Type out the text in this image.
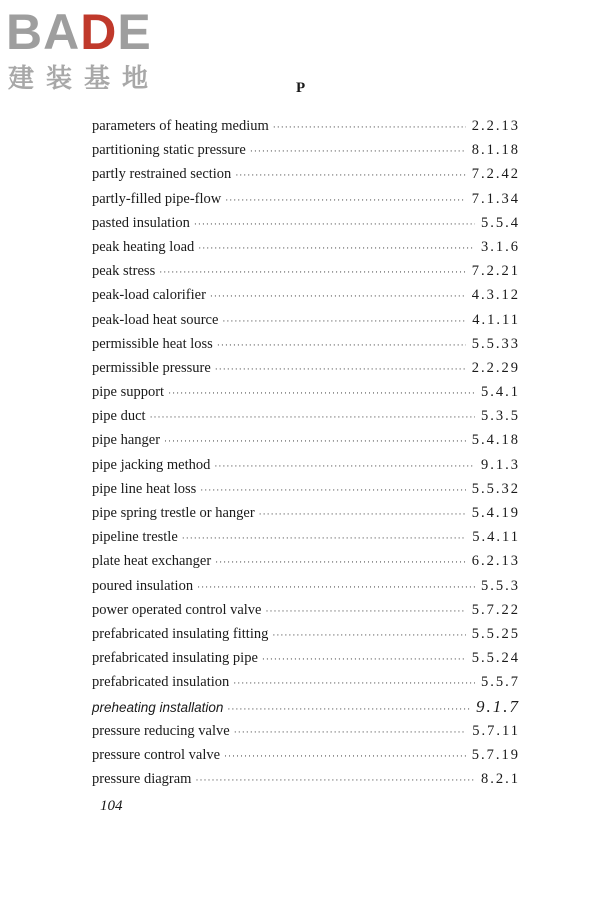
BADE
建装基地	P
parameters of heating medium ·····	2.2.13
partitioning static pressure ·····	8.1.18
partly restrained section ·····	7.2.42
partly-filled pipe-flow ·····	7.1.34
pasted insulation ·····	5.5.4
peak heating load ·····	3.1.6
peak stress ·····	7.2.21
peak-load calorifier ·····	4.3.12
peak-load heat source ·····	4.1.11
permissible heat loss ·····	5.5.33
permissible pressure ·····	2.2.29
pipe support ·····	5.4.1
pipe duct ·····	5.3.5
pipe hanger ·····	5.4.18
pipe jacking method ·····	9.1.3
pipe line heat loss ·····	5.5.32
pipe spring trestle or hanger ·····	5.4.19
pipeline trestle ·····	5.4.11
plate heat exchanger ·····	6.2.13
poured insulation ·····	5.5.3
power operated control valve ·····	5.7.22
prefabricated insulating fitting ·····	5.5.25
prefabricated insulating pipe ·····	5.5.24
prefabricated insulation ·····	5.5.7
preheating installation ·····	9.1.7
pressure reducing valve ·····	5.7.11
pressure control valve ·····	5.7.19
pressure diagram ·····	8.2.1
104
